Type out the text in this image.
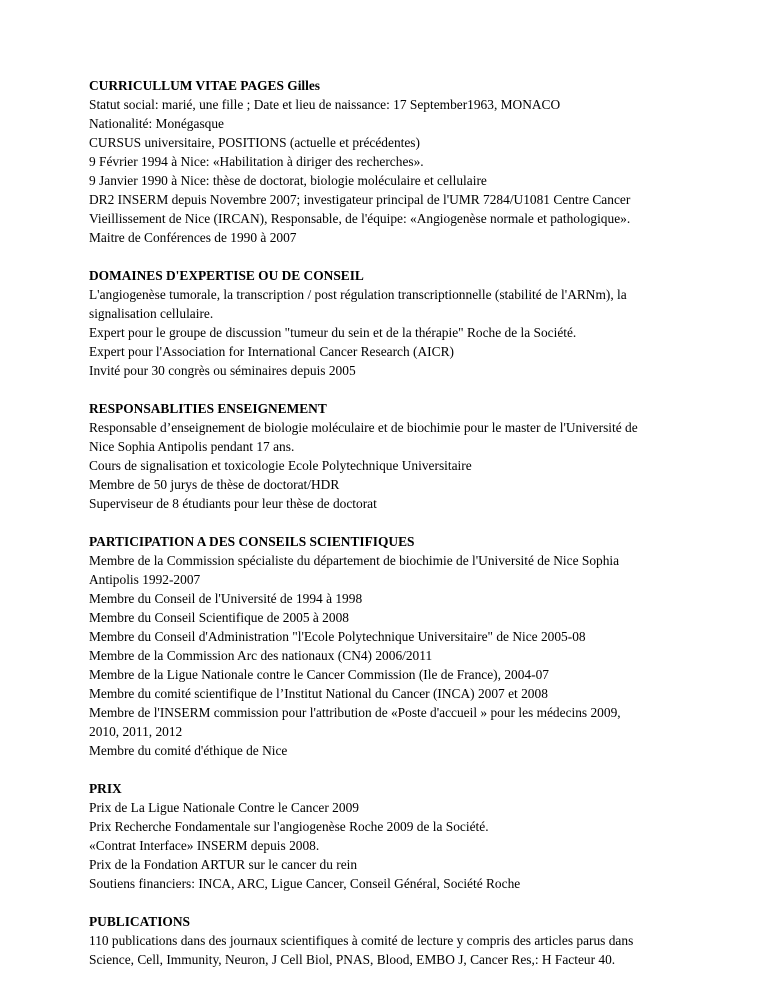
CURRICULLUM VITAE PAGES Gilles

Statut social: marié, une fille ; Date et lieu de naissance: 17 September1963, MONACO

Nationalité: Monégasque

CURSUS universitaire, POSITIONS (actuelle et précédentes)

9 Février 1994 à Nice: «Habilitation à diriger des recherches».

9 Janvier 1990 à Nice: thèse de doctorat, biologie moléculaire et cellulaire

DR2 INSERM depuis Novembre 2007; investigateur principal de l'UMR 7284/U1081 Centre Cancer

Vieillissement de Nice (IRCAN), Responsable, de l'équipe: «Angiogenèse normale et pathologique».

Maitre de Conférences de 1990 à 2007

DOMAINES D'EXPERTISE OU DE CONSEIL

L'angiogenèse tumorale, la transcription / post régulation transcriptionnelle (stabilité de l'ARNm), la

signalisation cellulaire.

Expert pour le groupe de discussion "tumeur du sein et de la thérapie" Roche de la Société.

Expert pour l'Association for International Cancer Research (AICR)

Invité pour 30 congrès ou séminaires depuis 2005

RESPONSABLITIES ENSEIGNEMENT

Responsable d’enseignement de biologie moléculaire et de biochimie pour le master de l'Université de

Nice Sophia Antipolis pendant 17 ans.

Cours de signalisation et toxicologie Ecole Polytechnique Universitaire

Membre de 50 jurys de thèse de doctorat/HDR

Superviseur de 8 étudiants pour leur thèse de doctorat

PARTICIPATION A DES CONSEILS SCIENTIFIQUES

Membre de la Commission spécialiste du département de biochimie de l'Université de Nice Sophia

Antipolis 1992-2007

Membre du Conseil de l'Université de 1994 à 1998

Membre du Conseil Scientifique de 2005 à 2008

Membre du Conseil d'Administration "l'Ecole Polytechnique Universitaire" de Nice 2005-08

Membre de la Commission Arc des nationaux (CN4) 2006/2011

Membre de la Ligue Nationale contre le Cancer Commission (Ile de France), 2004-07

Membre du comité scientifique de l’Institut National du Cancer (INCA) 2007 et 2008

Membre de l'INSERM commission pour l'attribution de «Poste d'accueil » pour les médecins 2009,

2010, 2011, 2012

Membre du comité d'éthique de Nice

PRIX

Prix de La Ligue Nationale Contre le Cancer 2009

Prix Recherche Fondamentale sur l'angiogenèse Roche 2009 de la Société.

«Contrat Interface» INSERM depuis 2008.

Prix de la Fondation ARTUR sur le cancer du rein

Soutiens financiers: INCA, ARC, Ligue Cancer, Conseil Général, Société Roche

PUBLICATIONS

110 publications dans des journaux scientifiques à comité de lecture y compris des articles parus dans

Science, Cell, Immunity, Neuron, J Cell Biol, PNAS, Blood, EMBO J, Cancer Res,: H Facteur 40.
